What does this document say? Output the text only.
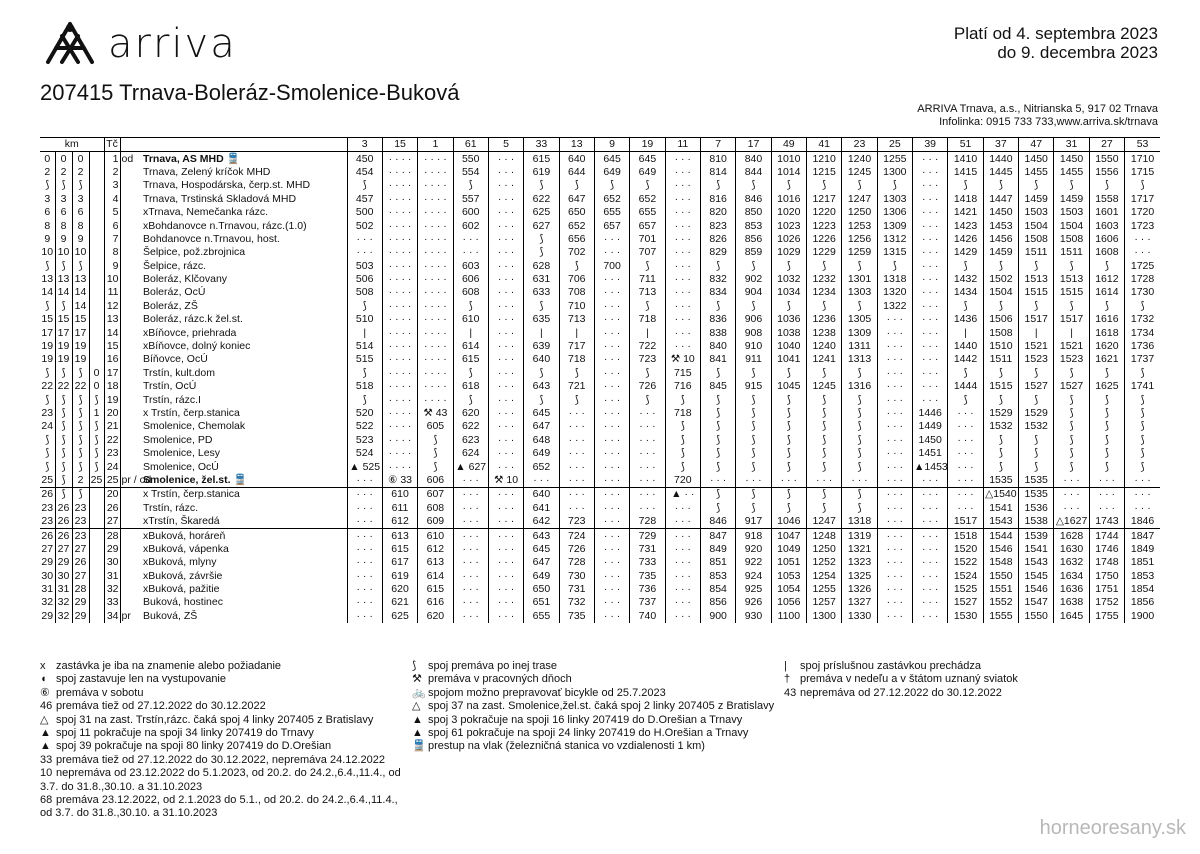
arriva	Platí od 4. septembra 2023
do 9. decembra 2023
207415 Trnava-Boleráz-Smolenice-Buková
ARRIVA Trnava, a.s., Nitrianska 5, 917 02 Trnava
Infolinka: 0915 733 733,www.arriva.sk/trnava
km				Tč			3	15	1	61	5	33	13	9	19	11	7	17	49	41	23	25	39	51	37	47	31	27	53
0	0	0		1	od	Trnava, AS MHD 🚆	450	· · · ·	· · · ·	550	· · ·	615	640	645	645	· · ·	810	840	1010	1210	1240	1255	· · ·	1410	1440	1450	1450	1550	1710
2	2	2		2		Trnava, Zelený kríčok MHD	454	· · · ·	· · · ·	554	· · ·	619	644	649	649	· · ·	814	844	1014	1215	1245	1300	· · ·	1415	1445	1455	1455	1556	1715
⟆	⟆	⟆		3		Trnava, Hospodárska, čerp.st. MHD	⟆	· · · ·	· · · ·	⟆	· · ·	⟆	⟆	⟆	⟆	· · ·	⟆	⟆	⟆	⟆	⟆	⟆	· · ·	⟆	⟆	⟆	⟆	⟆	⟆
3	3	3		4		Trnava, Trstinská Skladová MHD	457	· · · ·	· · · ·	557	· · ·	622	647	652	652	· · ·	816	846	1016	1217	1247	1303	· · ·	1418	1447	1459	1459	1558	1717
6	6	6		5		xTrnava, Nemečanka rázc.	500	· · · ·	· · · ·	600	· · ·	625	650	655	655	· · ·	820	850	1020	1220	1250	1306	· · ·	1421	1450	1503	1503	1601	1720
8	8	8		6		xBohdanovce n.Trnavou, rázc.(1.0)	502	· · · ·	· · · ·	602	· · ·	627	652	657	657	· · ·	823	853	1023	1223	1253	1309	· · ·	1423	1453	1504	1504	1603	1723
9	9	9		7		Bohdanovce n.Trnavou, host.	· · ·	· · · ·	· · · ·	· · ·	· · ·	⟆	656	· · ·	701	· · ·	826	856	1026	1226	1256	1312	· · ·	1426	1456	1508	1508	1606	· · ·
10	10	10		8		Šelpice, pož.zbrojnica	· · ·	· · · ·	· · · ·	· · ·	· · ·	⟆	702	· · ·	707	· · ·	829	859	1029	1229	1259	1315	· · ·	1429	1459	1511	1511	1608	· · ·
⟆	⟆	⟆		9		Šelpice, rázc.	503	· · · ·	· · · ·	603	· · ·	628	⟆	700	⟆	· · ·	⟆	⟆	⟆	⟆	⟆	⟆	· · ·	⟆	⟆	⟆	⟆	⟆	1725
13	13	13		10		Boleráz, Klčovany	506	· · · ·	· · · ·	606	· · ·	631	706	· · ·	711	· · ·	832	902	1032	1232	1301	1318	· · ·	1432	1502	1513	1513	1612	1728
14	14	14		11		Boleráz, OcÚ	508	· · · ·	· · · ·	608	· · ·	633	708	· · ·	713	· · ·	834	904	1034	1234	1303	1320	· · ·	1434	1504	1515	1515	1614	1730
⟆	⟆	14		12		Boleráz, ZŠ	⟆	· · · ·	· · · ·	⟆	· · ·	⟆	710	· · ·	⟆	· · ·	⟆	⟆	⟆	⟆	⟆	1322	· · ·	⟆	⟆	⟆	⟆	⟆	⟆
15	15	15		13		Boleráz, rázc.k žel.st.	510	· · · ·	· · · ·	610	· · ·	635	713	· · ·	718	· · ·	836	906	1036	1236	1305	· · ·	· · ·	1436	1506	1517	1517	1616	1732
17	17	17		14		xBíňovce, priehrada	|	· · · ·	· · · ·	|	· · ·	|	|	· · ·	|	· · ·	838	908	1038	1238	1309	· · ·	· · ·	|	1508	|	|	1618	1734
19	19	19		15		xBíňovce, dolný koniec	514	· · · ·	· · · ·	614	· · ·	639	717	· · ·	722	· · ·	840	910	1040	1240	1311	· · ·	· · ·	1440	1510	1521	1521	1620	1736
19	19	19		16		Bíňovce, OcÚ	515	· · · ·	· · · ·	615	· · ·	640	718	· · ·	723	⚒ 10	841	911	1041	1241	1313	· · ·	· · ·	1442	1511	1523	1523	1621	1737
⟆	⟆	⟆	0	17		Trstín, kult.dom	⟆	· · · ·	· · · ·	⟆	· · ·	⟆	⟆	· · ·	⟆	715	⟆	⟆	⟆	⟆	⟆	· · ·	· · ·	⟆	⟆	⟆	⟆	⟆	⟆
22	22	22	0	18		Trstín, OcÚ	518	· · · ·	· · · ·	618	· · ·	643	721	· · ·	726	716	845	915	1045	1245	1316	· · ·	· · ·	1444	1515	1527	1527	1625	1741
⟆	⟆	⟆	⟆	19		Trstín, rázc.I	⟆	· · · ·	· · · ·	⟆	· · ·	⟆	⟆	· · ·	⟆	⟆	⟆	⟆	⟆	⟆	⟆	· · ·	· · ·	⟆	⟆	⟆	⟆	⟆	⟆
23	⟆	⟆	1	20		x Trstín, čerp.stanica	520	· · · ·	⚒ 43	620	· · ·	645	· · ·	· · ·	· · ·	718	⟆	⟆	⟆	⟆	⟆	· · ·	1446	· · ·	1529	1529	⟆	⟆	⟆
24	⟆	⟆	⟆	21		Smolenice, Chemolak	522	· · · ·	605	622	· · ·	647	· · ·	· · ·	· · ·	⟆	⟆	⟆	⟆	⟆	⟆	· · ·	1449	· · ·	1532	1532	⟆	⟆	⟆
⟆	⟆	⟆	⟆	22		Smolenice, PD	523	· · · ·	⟆	623	· · ·	648	· · ·	· · ·	· · ·	⟆	⟆	⟆	⟆	⟆	⟆	· · ·	1450	· · ·	⟆	⟆	⟆	⟆	⟆
⟆	⟆	⟆	⟆	23		Smolenice, Lesy	524	· · · ·	⟆	624	· · ·	649	· · ·	· · ·	· · ·	⟆	⟆	⟆	⟆	⟆	⟆	· · ·	1451	· · ·	⟆	⟆	⟆	⟆	⟆
⟆	⟆	⟆	⟆	24		Smolenice, OcÚ	▲ 525	· · · ·	⟆	▲ 627	· · ·	652	· · ·	· · ·	· · ·	⟆	⟆	⟆	⟆	⟆	⟆	· · ·	▲1453	· · ·	⟆	⟆	⟆	⟆	⟆
25	⟆	2	25	25	pr / od	Smolenice, žel.st. 🚆	· · ·	⑥ 33	606	· · ·	⚒ 10	· · ·	· · ·	· · ·	· · ·	720	· · ·	· · ·	· · ·	· · ·	· · ·	· · ·	· · ·	· · ·	1535	1535	· · ·	· · ·	· · ·
26	⟆	⟆		20		x Trstín, čerp.stanica	· · ·	610	607	· · ·	· · ·	640	· · ·	· · ·	· · ·	▲ · ·	⟆	⟆	⟆	⟆	⟆	· · ·	· · ·	· · ·	△1540	1535	· · ·	· · ·	· · ·
23	26	23		26		Trstín, rázc.	· · ·	611	608	· · ·	· · ·	641	· · ·	· · ·	· · ·	· · ·	⟆	⟆	⟆	⟆	⟆	· · ·	· · ·	· · ·	1541	1536	· · ·	· · ·	· · ·
23	26	23		27		xTrstín, Škaredá	· · ·	612	609	· · ·	· · ·	642	723	· · ·	728	· · ·	846	917	1046	1247	1318	· · ·	· · ·	1517	1543	1538	△1627	1743	1846
26	26	23		28		xBuková, horáreň	· · ·	613	610	· · ·	· · ·	643	724	· · ·	729	· · ·	847	918	1047	1248	1319	· · ·	· · ·	1518	1544	1539	1628	1744	1847
27	27	27		29		xBuková, vápenka	· · ·	615	612	· · ·	· · ·	645	726	· · ·	731	· · ·	849	920	1049	1250	1321	· · ·	· · ·	1520	1546	1541	1630	1746	1849
29	29	26		30		xBuková, mlyny	· · ·	617	613	· · ·	· · ·	647	728	· · ·	733	· · ·	851	922	1051	1252	1323	· · ·	· · ·	1522	1548	1543	1632	1748	1851
30	30	27		31		xBuková, závršie	· · ·	619	614	· · ·	· · ·	649	730	· · ·	735	· · ·	853	924	1053	1254	1325	· · ·	· · ·	1524	1550	1545	1634	1750	1853
31	31	28		32		xBuková, pažitie	· · ·	620	615	· · ·	· · ·	650	731	· · ·	736	· · ·	854	925	1054	1255	1326	· · ·	· · ·	1525	1551	1546	1636	1751	1854
32	32	29		33		Buková, hostinec	· · ·	621	616	· · ·	· · ·	651	732	· · ·	737	· · ·	856	926	1056	1257	1327	· · ·	· · ·	1527	1552	1547	1638	1752	1856
29	32	29		34	pr	Buková, ZŠ	· · ·	625	620	· · ·	· · ·	655	735	· · ·	740	· · ·	900	930	1100	1300	1330	· · ·	· · ·	1530	1555	1550	1645	1755	1900
x zastávka je iba na znamenie alebo požiadanie
◖ spoj zastavuje len na vystupovanie
⑥ premáva v sobotu
46 premáva tiež od 27.12.2022 do 30.12.2022
△ spoj 31 na zast. Trstín,rázc. čaká spoj 4 linky 207405 z Bratislavy
▲ spoj 11 pokračuje na spoji 34 linky 207419 do Trnavy
▲ spoj 39 pokračuje na spoji 80 linky 207419 do D.Orešian
33 premáva tiež od 27.12.2022 do 30.12.2022, nepremáva 24.12.2022
10 nepremáva od 23.12.2022 do 5.1.2023, od 20.2. do 24.2.,6.4.,11.4., od 3.7. do 31.8.,30.10. a 31.10.2023
68 premáva 23.12.2022, od 2.1.2023 do 5.1., od 20.2. do 24.2.,6.4.,11.4., od 3.7. do 31.8.,30.10. a 31.10.2023
⟆ spoj premáva po inej trase
⚒ premáva v pracovných dňoch
🚲 spojom možno prepravovať bicykle od 25.7.2023
△ spoj 37 na zast. Smolenice,žel.st. čaká spoj 2 linky 207405 z Bratislavy
▲ spoj 3 pokračuje na spoji 16 linky 207419 do D.Orešian a Trnavy
▲ spoj 61 pokračuje na spoji 24 linky 207419 do H.Orešian a Trnavy
🚆 prestup na vlak (železničná stanica vo vzdialenosti 1 km)
| spoj príslušnou zastávkou prechádza
† premáva v nedeľu a v štátom uznaný sviatok
43 nepremáva od 27.12.2022 do 30.12.2022
horneoresany.sk
